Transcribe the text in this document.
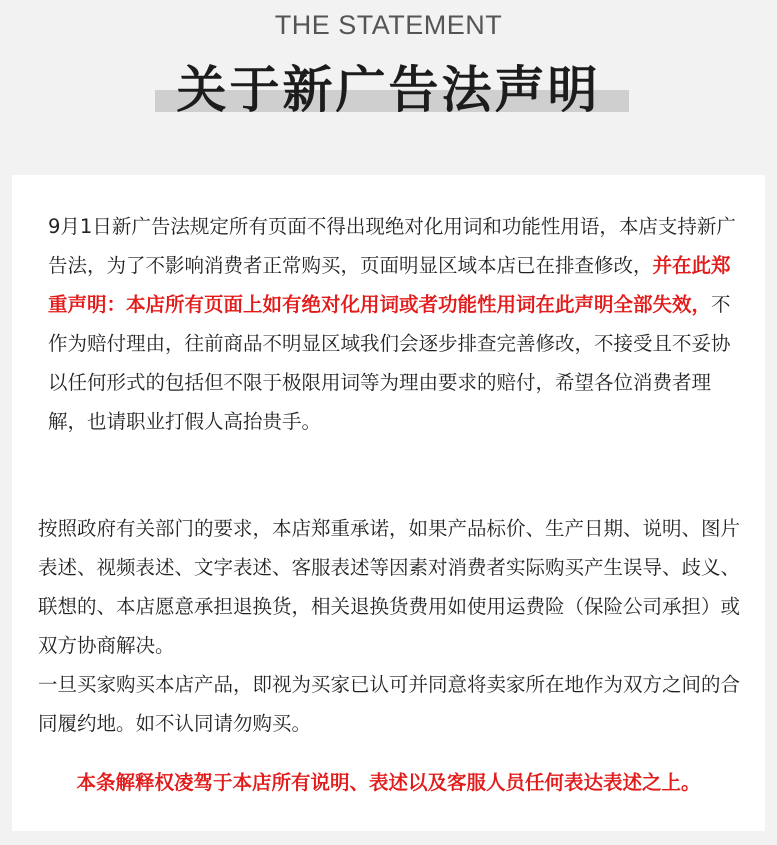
THE STATEMENT
关于新广告法声明

9月1日新广告法规定所有页面不得出现绝对化用词和功能性用语，本店支持新广告法，为了不影响消费者正常购买，页面明显区域本店已在排查修改，并在此郑重声明：本店所有页面上如有绝对化用词或者功能性用词在此声明全部失效，不作为赔付理由，往前商品不明显区域我们会逐步排查完善修改，不接受且不妥协以任何形式的包括但不限于极限用词等为理由要求的赔付，希望各位消费者理解，也请职业打假人高抬贵手。

按照政府有关部门的要求，本店郑重承诺，如果产品标价、生产日期、说明、图片表述、视频表述、文字表述、客服表述等因素对消费者实际购买产生误导、歧义、联想的、本店愿意承担退换货，相关退换货费用如使用运费险（保险公司承担）或双方协商解决。

一旦买家购买本店产品，即视为买家已认可并同意将卖家所在地作为双方之间的合同履约地。如不认同请勿购买。

本条解释权凌驾于本店所有说明、表述以及客服人员任何表达表述之上。
